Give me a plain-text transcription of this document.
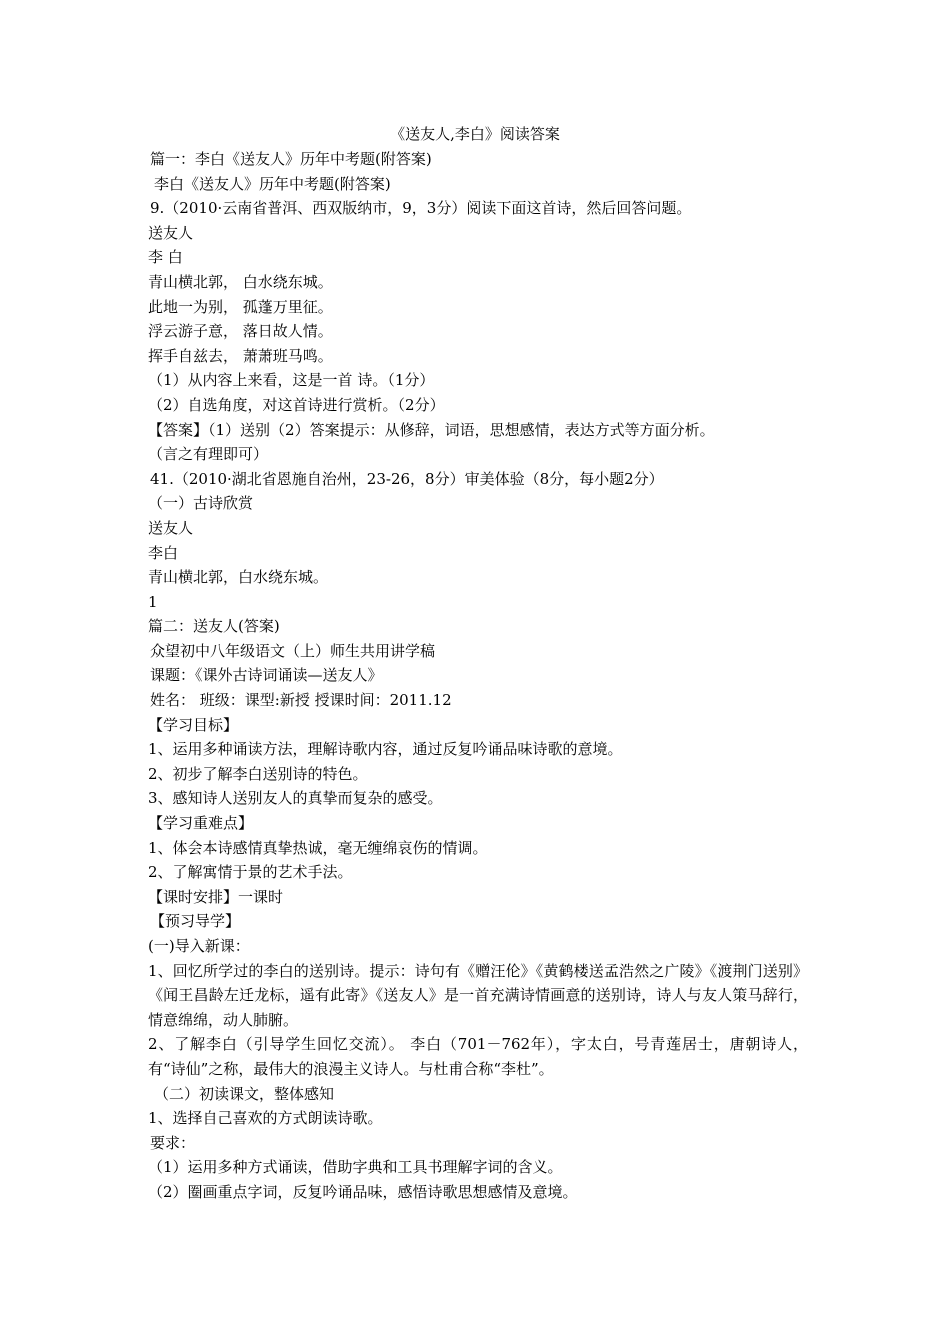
《送友人,李白》阅读答案
篇一：李白《送友人》历年中考题(附答案)
李白《送友人》历年中考题(附答案)
9.（2010·云南省普洱、西双版纳市，9，3分）阅读下面这首诗，然后回答问题。
送友人
李 白
青山横北郭， 白水绕东城。
此地一为别， 孤蓬万里征。
浮云游子意， 落日故人情。
挥手自兹去， 萧萧班马鸣。
（1）从内容上来看，这是一首 诗。（1分）
（2）自选角度，对这首诗进行赏析。（2分）
【答案】（1）送别（2）答案提示：从修辞，词语，思想感情，表达方式等方面分析。
（言之有理即可）
41.（2010·湖北省恩施自治州，23-26，8分）审美体验（8分，每小题2分）
（一）古诗欣赏
送友人
李白
青山横北郭，白水绕东城。
1
篇二：送友人(答案)
众望初中八年级语文（上）师生共用讲学稿
课题：《课外古诗词诵读—送友人》
姓名： 班级：课型:新授 授课时间：2011.12
【学习目标】
1、运用多种诵读方法，理解诗歌内容，通过反复吟诵品味诗歌的意境。
2、初步了解李白送别诗的特色。
3、感知诗人送别友人的真挚而复杂的感受。
【学习重难点】
1、体会本诗感情真挚热诚，毫无缠绵哀伤的情调。
2、了解寓情于景的艺术手法。
【课时安排】一课时
【预习导学】
(一)导入新课：
1、回忆所学过的李白的送别诗。提示：诗句有《赠汪伦》《黄鹤楼送孟浩然之广陵》《渡荆门送别》《闻王昌龄左迁龙标，遥有此寄》《送友人》是一首充满诗情画意的送别诗，诗人与友人策马辞行，情意绵绵，动人肺腑。
2、了解李白（引导学生回忆交流）。 李白（701－762年），字太白，号青莲居士，唐朝诗人，有“诗仙”之称，最伟大的浪漫主义诗人。与杜甫合称“李杜”。
（二）初读课文，整体感知
1、选择自己喜欢的方式朗读诗歌。
要求：
（1）运用多种方式诵读，借助字典和工具书理解字词的含义。
（2）圈画重点字词，反复吟诵品味，感悟诗歌思想感情及意境。
